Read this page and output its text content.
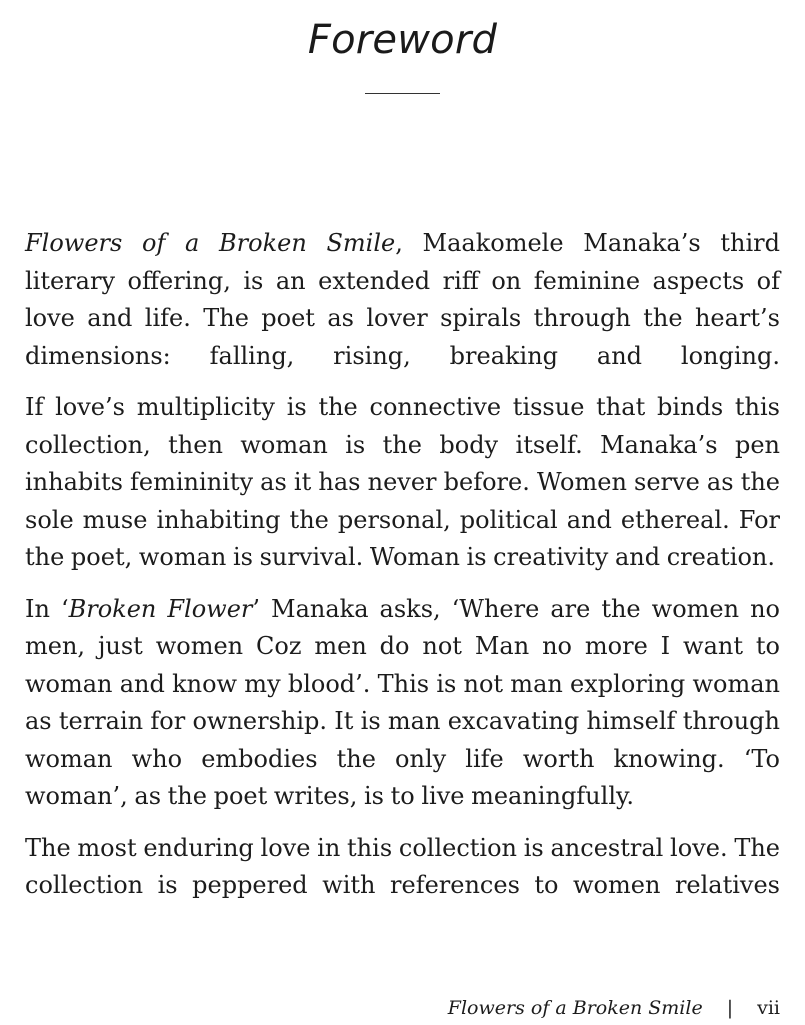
Foreword

Flowers of a Broken Smile, Maakomele Manaka’s third literary offering, is an extended riff on feminine aspects of love and life. The poet as lover spirals through the heart’s dimensions: falling, rising, breaking and longing.

If love’s multiplicity is the connective tissue that binds this collection, then woman is the body itself. Manaka’s pen inhabits femininity as it has never before. Women serve as the sole muse inhabiting the personal, political and ethereal. For the poet, woman is survival. Woman is creativity and creation.

In ‘Broken Flower’ Manaka asks, ‘Where are the women no men, just women Coz men do not Man no more I want to woman and know my blood’. This is not man exploring woman as terrain for ownership. It is man excavating himself through woman who embodies the only life worth knowing. ‘To woman’, as the poet writes, is to live meaningfully.

The most enduring love in this collection is ancestral love. The collection is peppered with references to women relatives

Flowers of a Broken Smile | vii
